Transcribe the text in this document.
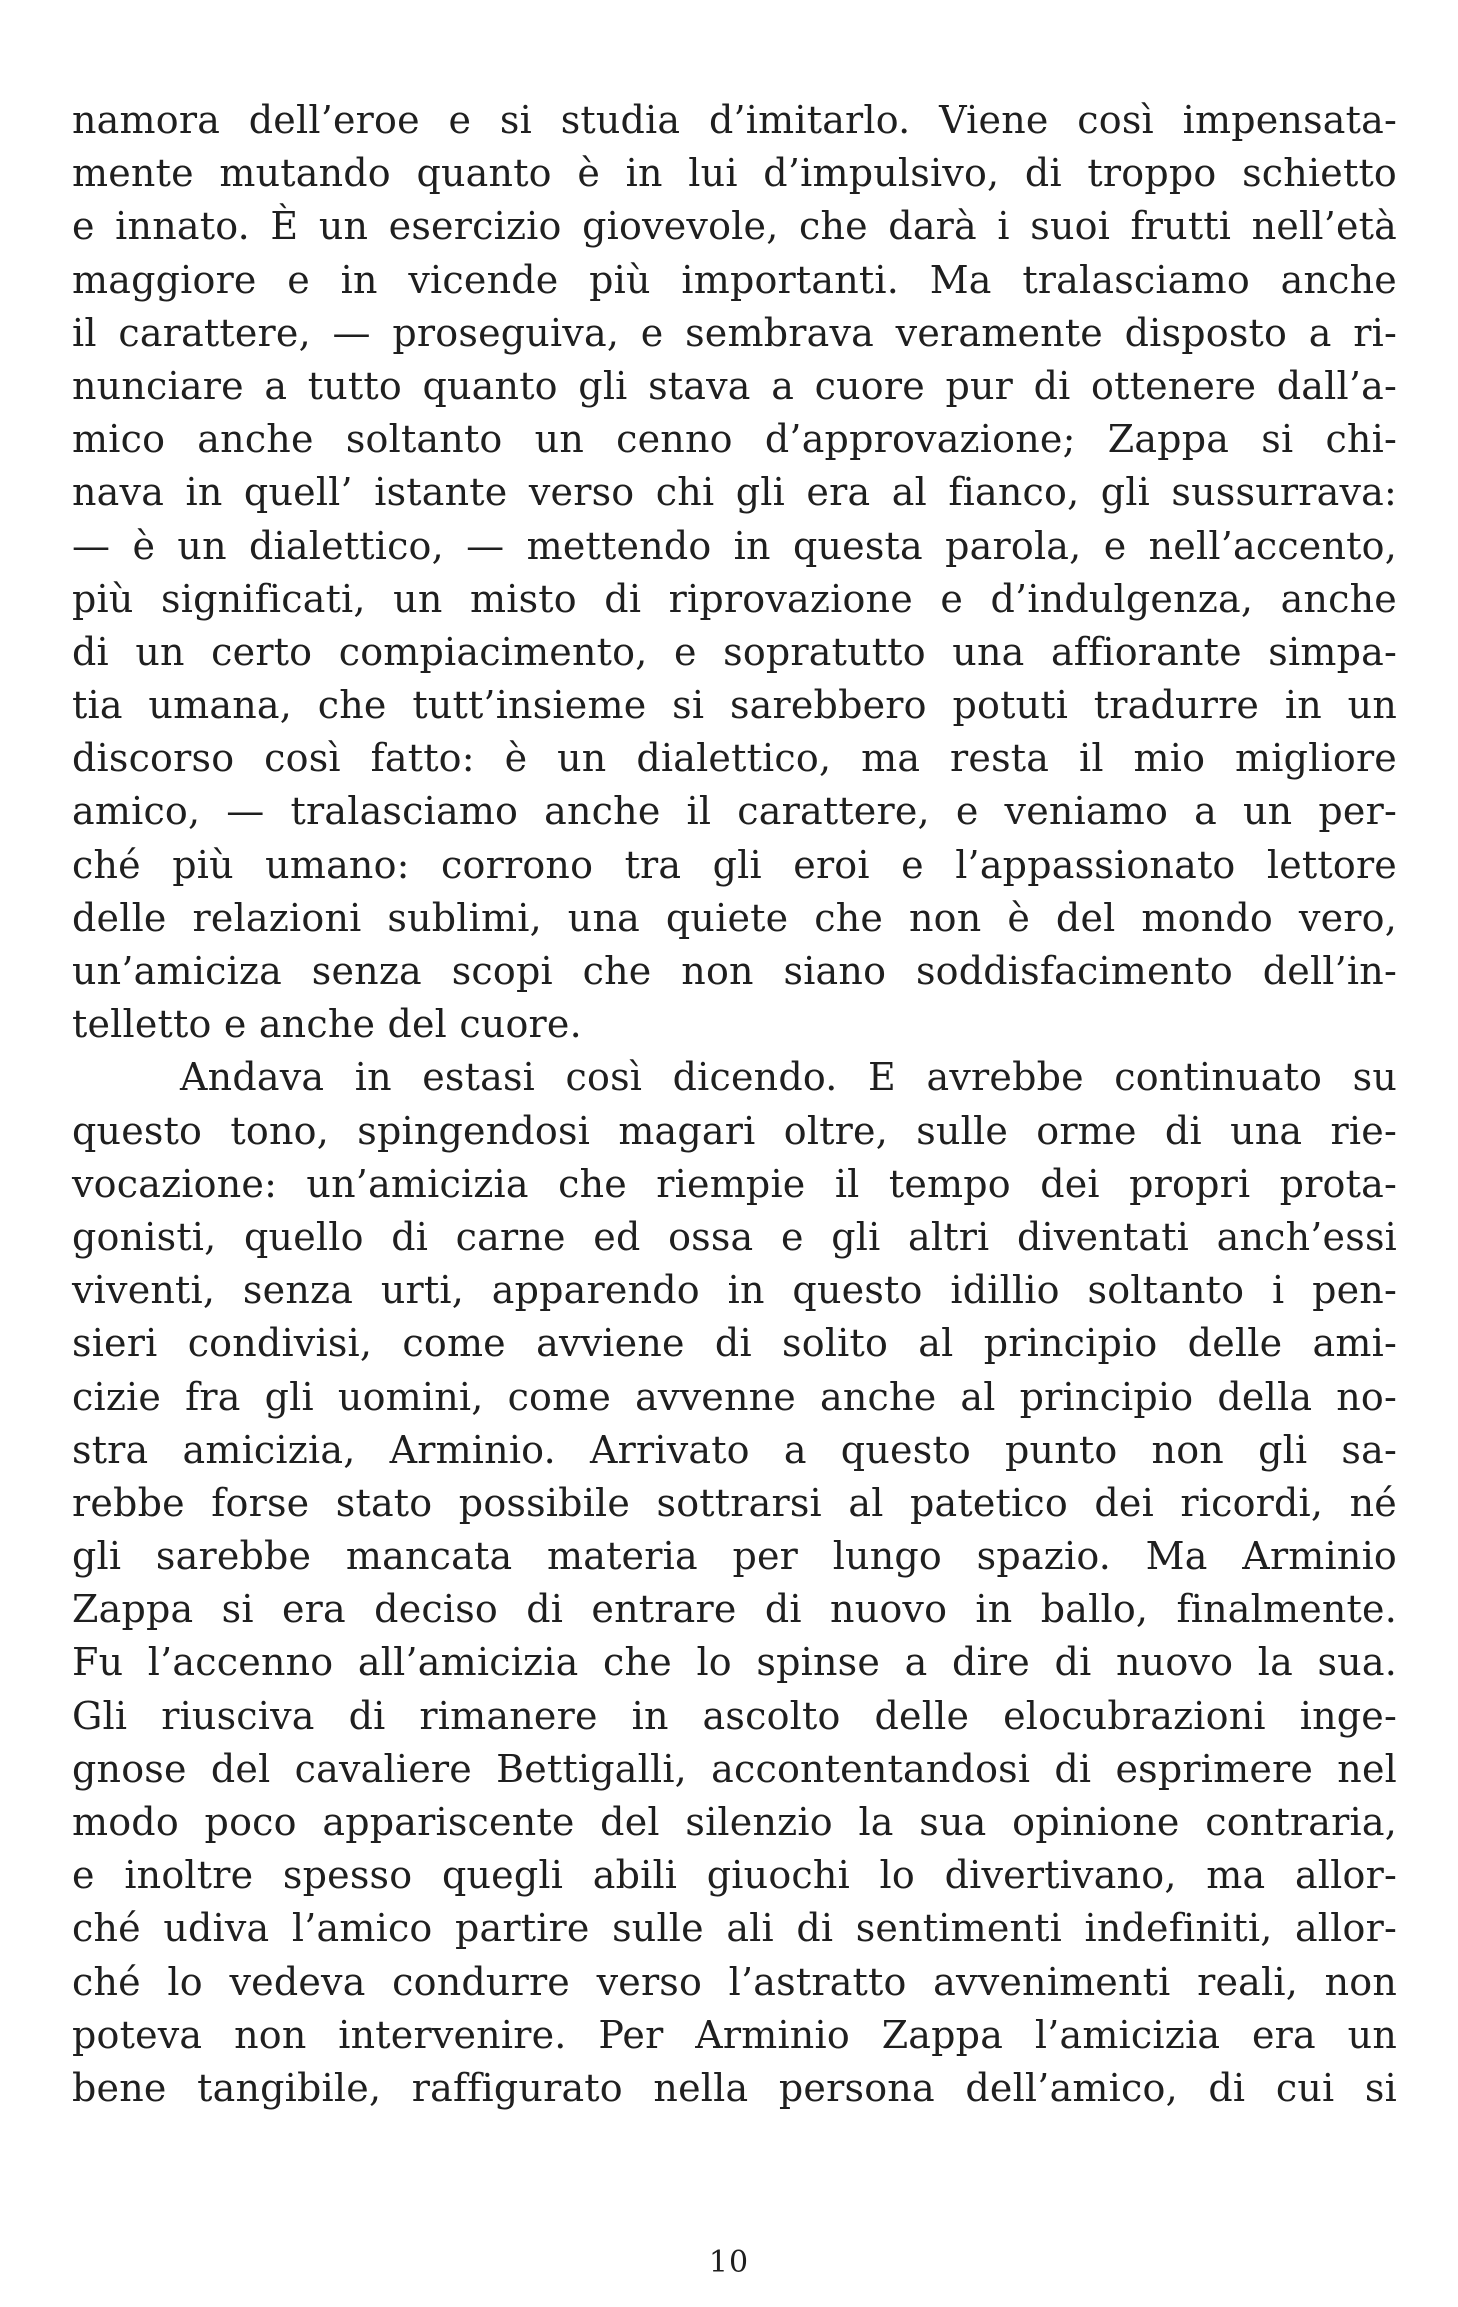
namora dell’eroe e si studia d’imitarlo. Viene così impensata-
mente mutando quanto è in lui d’impulsivo, di troppo schietto
e innato. È un esercizio giovevole, che darà i suoi frutti nell’età
maggiore e in vicende più importanti. Ma tralasciamo anche
il carattere, — proseguiva, e sembrava veramente disposto a ri-
nunciare a tutto quanto gli stava a cuore pur di ottenere dall’a-
mico anche soltanto un cenno d’approvazione; Zappa si chi-
nava in quell’ istante verso chi gli era al fianco, gli sussurrava:
— è un dialettico, — mettendo in questa parola, e nell’accento,
più significati, un misto di riprovazione e d’indulgenza, anche
di un certo compiacimento, e sopratutto una affiorante simpa-
tia umana, che tutt’insieme si sarebbero potuti tradurre in un
discorso così fatto: è un dialettico, ma resta il mio migliore
amico, — tralasciamo anche il carattere, e veniamo a un per-
ché più umano: corrono tra gli eroi e l’appassionato lettore
delle relazioni sublimi, una quiete che non è del mondo vero,
un’amiciza senza scopi che non siano soddisfacimento dell’in-
telletto e anche del cuore.
Andava in estasi così dicendo. E avrebbe continuato su
questo tono, spingendosi magari oltre, sulle orme di una rie-
vocazione: un’amicizia che riempie il tempo dei propri prota-
gonisti, quello di carne ed ossa e gli altri diventati anch’essi
viventi, senza urti, apparendo in questo idillio soltanto i pen-
sieri condivisi, come avviene di solito al principio delle ami-
cizie fra gli uomini, come avvenne anche al principio della no-
stra amicizia, Arminio. Arrivato a questo punto non gli sa-
rebbe forse stato possibile sottrarsi al patetico dei ricordi, né
gli sarebbe mancata materia per lungo spazio. Ma Arminio
Zappa si era deciso di entrare di nuovo in ballo, finalmente.
Fu l’accenno all’amicizia che lo spinse a dire di nuovo la sua.
Gli riusciva di rimanere in ascolto delle elocubrazioni inge-
gnose del cavaliere Bettigalli, accontentandosi di esprimere nel
modo poco appariscente del silenzio la sua opinione contraria,
e inoltre spesso quegli abili giuochi lo divertivano, ma allor-
ché udiva l’amico partire sulle ali di sentimenti indefiniti, allor-
ché lo vedeva condurre verso l’astratto avvenimenti reali, non
poteva non intervenire. Per Arminio Zappa l’amicizia era un
bene tangibile, raffigurato nella persona dell’amico, di cui si
10
